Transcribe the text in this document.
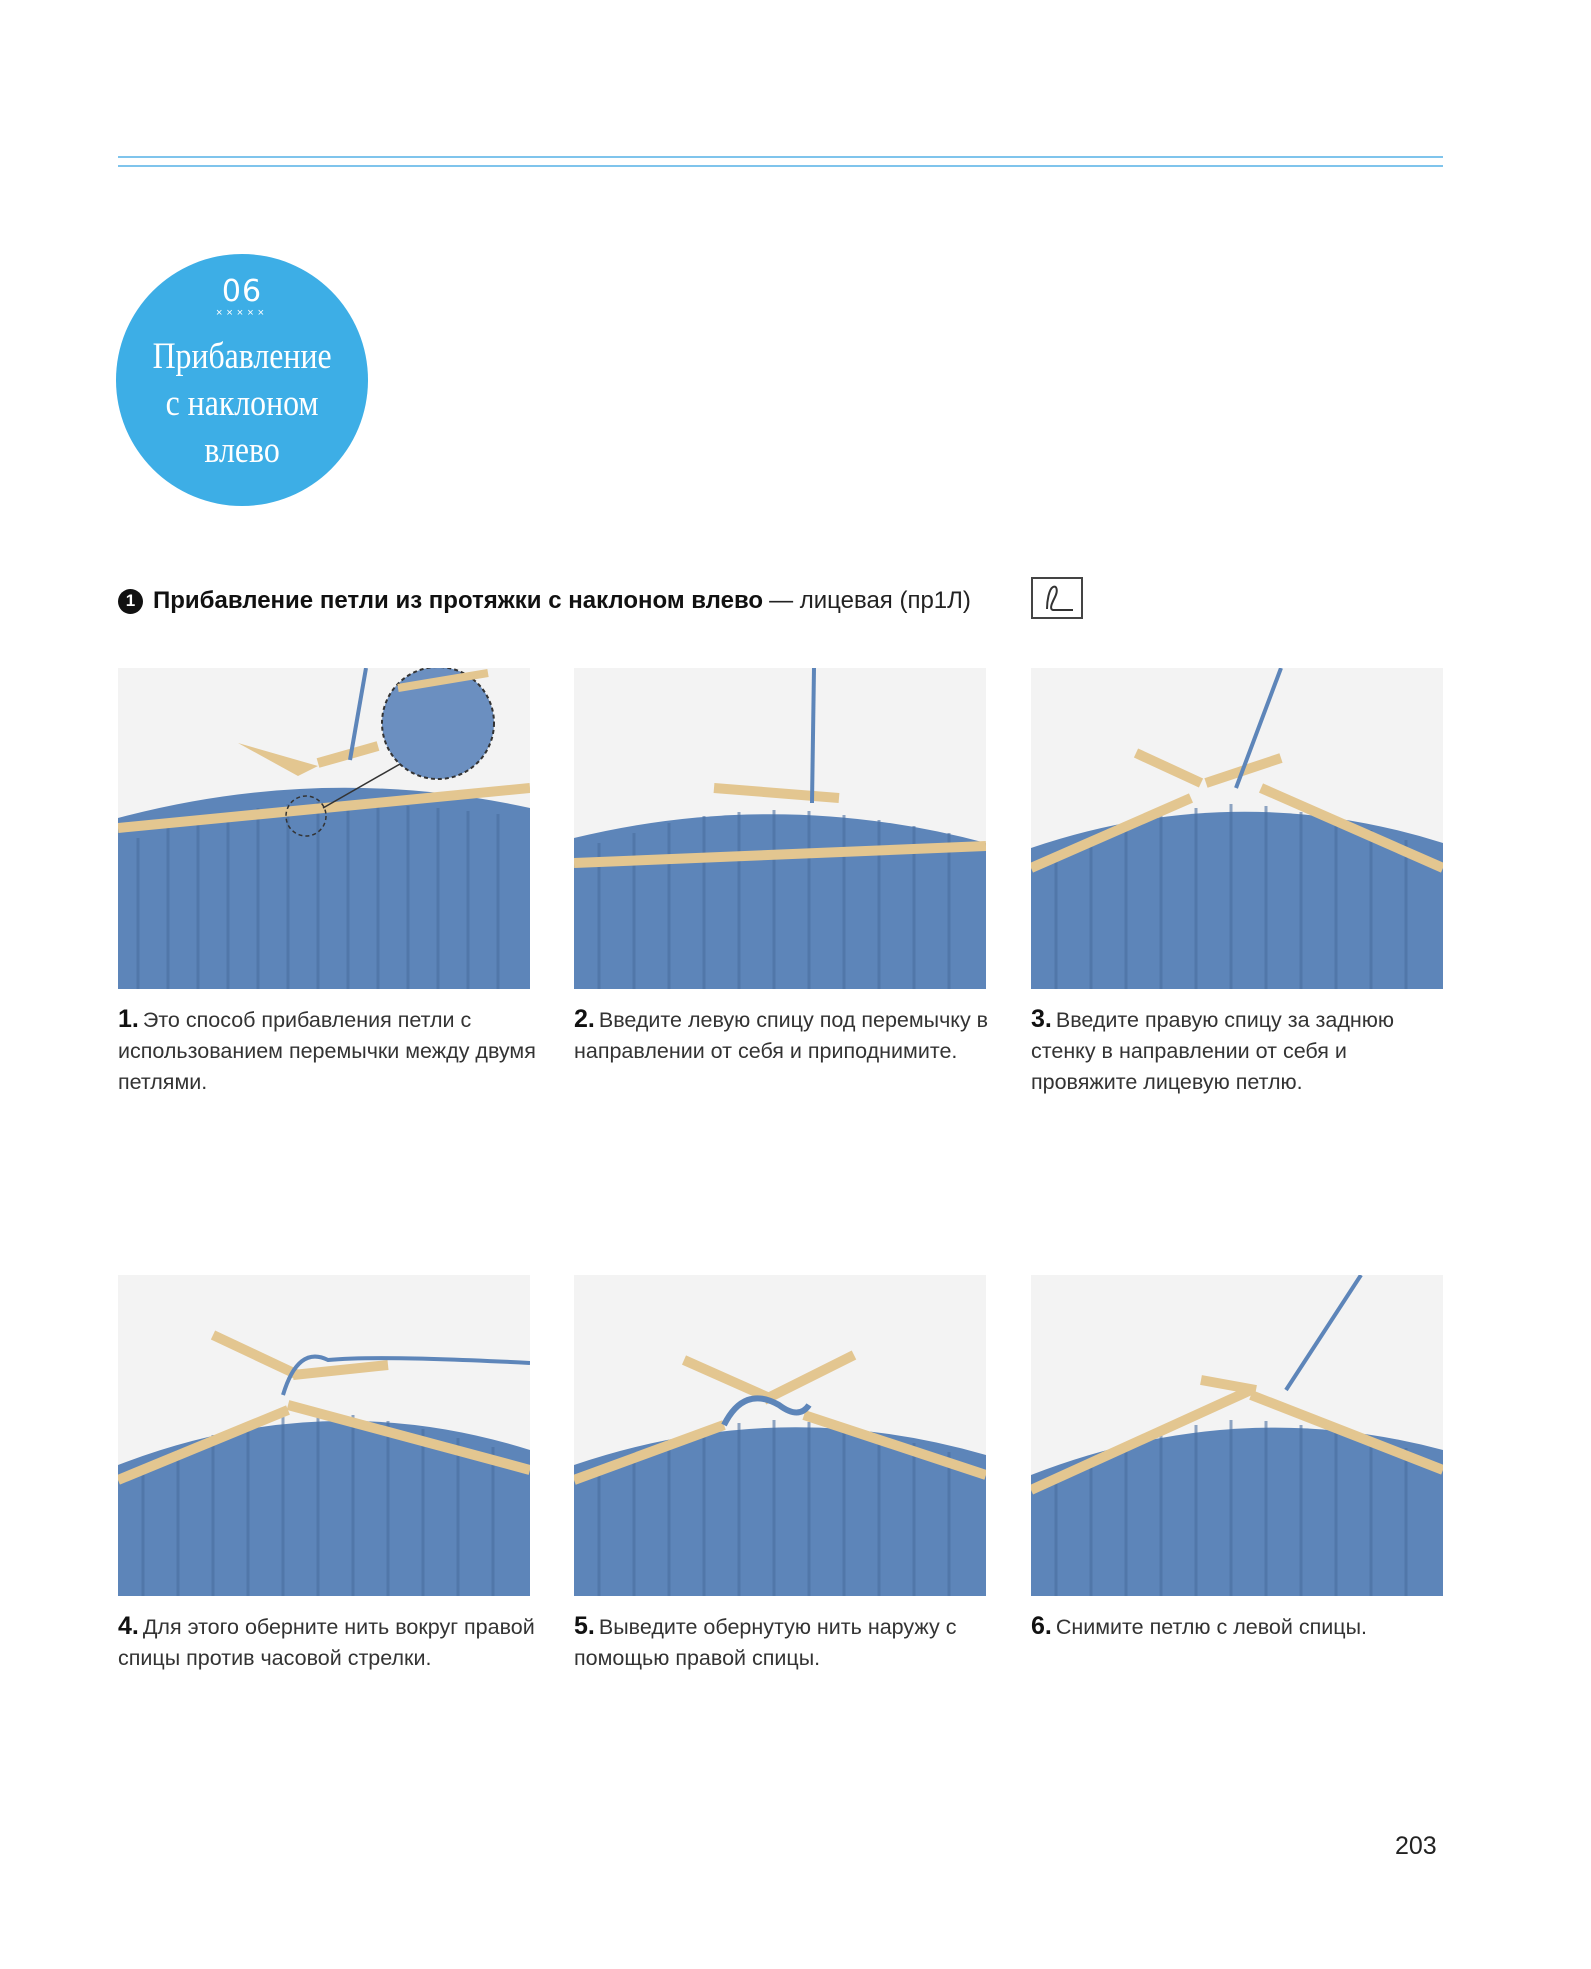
06
×××××
Прибавление
с наклоном
влево
1 Прибавление петли из протяжки с наклоном влево — лицевая (пр1Л)
1. Это способ прибавления петли с использованием перемычки между двумя петлями.
2. Введите левую спицу под перемычку в направлении от себя и приподнимите.
3. Введите правую спицу за заднюю стенку в направлении от себя и провяжите лицевую петлю.
4. Для этого оберните нить вокруг правой спицы против часовой стрелки.
5. Выведите обернутую нить наружу с помощью правой спицы.
6. Снимите петлю с левой спицы.
203
